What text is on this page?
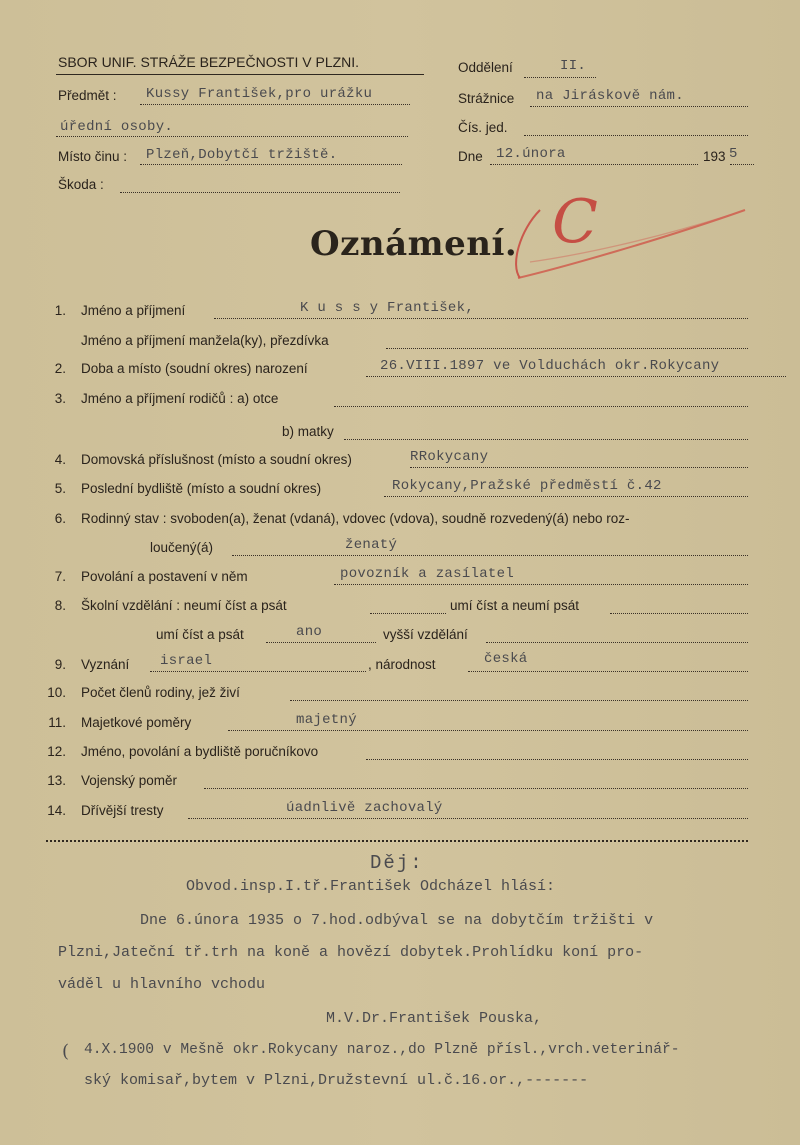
SBOR UNIF. STRÁŽE BEZPEČNOSTI V PLZNI.
Předmět : Kussy František,pro urážku
úřední osoby.
Místo činu : Plzeň,Dobytčí tržiště.
Škoda :
Oddělení	II.
Strážnice na Jiráskově nám.
Čís. jed.
Dne 12.února	193 5
C
Oznámení.
1. Jméno a příjmení	K u s s y František,
Jméno a příjmení manžela(ky), přezdívka
2. Doba a místo (soudní okres) narození	26.VIII.1897 ve Volduchách okr.Rokycany
3. Jméno a příjmení rodičů : a) otce
b) matky
4. Domovská příslušnost (místo a soudní okres)	RRokycany
5. Poslední bydliště (místo a soudní okres)	Rokycany,Pražské předměstí č.42
6. Rodinný stav : svoboden(a), ženat (vdaná), vdovec (vdova), soudně rozvedený(á) nebo roz-
loučený(á)	ženatý
7. Povolání a postavení v něm	povozník a zasílatel
8. Školní vzdělání : neumí číst a psát	umí číst a neumí psát
umí číst a psát	ano	vyšší vzdělání
9. Vyznání israel	, národnost	česká
10. Počet členů rodiny, jež živí
11. Majetkové poměry	majetný
12. Jméno, povolání a bydliště poručníkovo
13. Vojenský poměr
14. Dřívější tresty	úadnlivě zachovalý
Děj:
Obvod.insp.I.tř.František Odcházel hlásí:
Dne 6.února 1935 o 7.hod.odbýval se na dobytčím tržišti v
Plzni,Jateční tř.trh na koně a hovězí dobytek.Prohlídku koní pro-
váděl u hlavního vchodu
M.V.Dr.František Pouska,
( 4.X.1900 v Mešně okr.Rokycany naroz.,do Plzně přísl.,vrch.veterinář-
ský komisař,bytem v Plzni,Družstevní ul.č.16.or.,-------
